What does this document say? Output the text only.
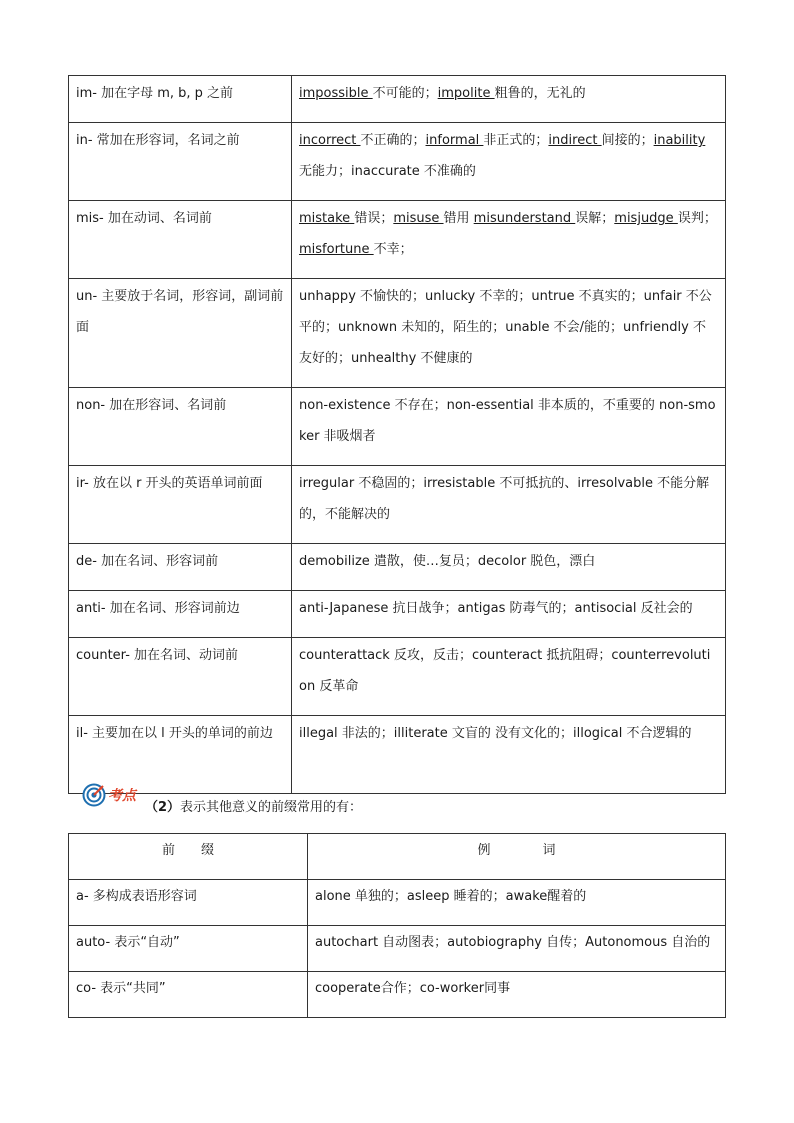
im- 加在字母 m, b, p 之前	impossible 不可能的；impolite 粗鲁的，无礼的
in- 常加在形容词，名词之前	incorrect 不正确的；informal 非正式的；indirect 间接的；inability 无能力；inaccurate 不准确的
mis- 加在动词、名词前	mistake 错误；misuse 错用 misunderstand 误解；misjudge 误判；misfortune 不幸；
un- 主要放于名词，形容词，副词前面	unhappy 不愉快的；unlucky 不幸的；untrue 不真实的；unfair 不公平的；unknown 未知的，陌生的；unable 不会/能的；unfriendly 不友好的；unhealthy 不健康的
non- 加在形容词、名词前	non-existence 不存在；non-essential 非本质的，不重要的 non-smoker 非吸烟者
ir- 放在以 r 开头的英语单词前面	irregular 不稳固的；irresistable 不可抵抗的、irresolvable 不能分解的，不能解决的
de- 加在名词、形容词前	demobilize 遣散，使…复员；decolor 脱色，漂白
anti- 加在名词、形容词前边	anti-Japanese 抗日战争；antigas 防毒气的；antisocial 反社会的
counter- 加在名词、动词前	counterattack 反攻，反击；counteract 抵抗阻碍；counterrevolution 反革命
il- 主要加在以 l 开头的单词的前边	illegal 非法的；illiterate 文盲的 没有文化的；illogical 不合逻辑的
考点
（2）表示其他意义的前缀常用的有：
前　　缀	例　　　　词
a- 多构成表语形容词	alone 单独的；asleep 睡着的；awake醒着的
auto- 表示“自动”	autochart 自动图表；autobiography 自传；Autonomous 自治的
co- 表示“共同”	cooperate合作；co-worker同事
